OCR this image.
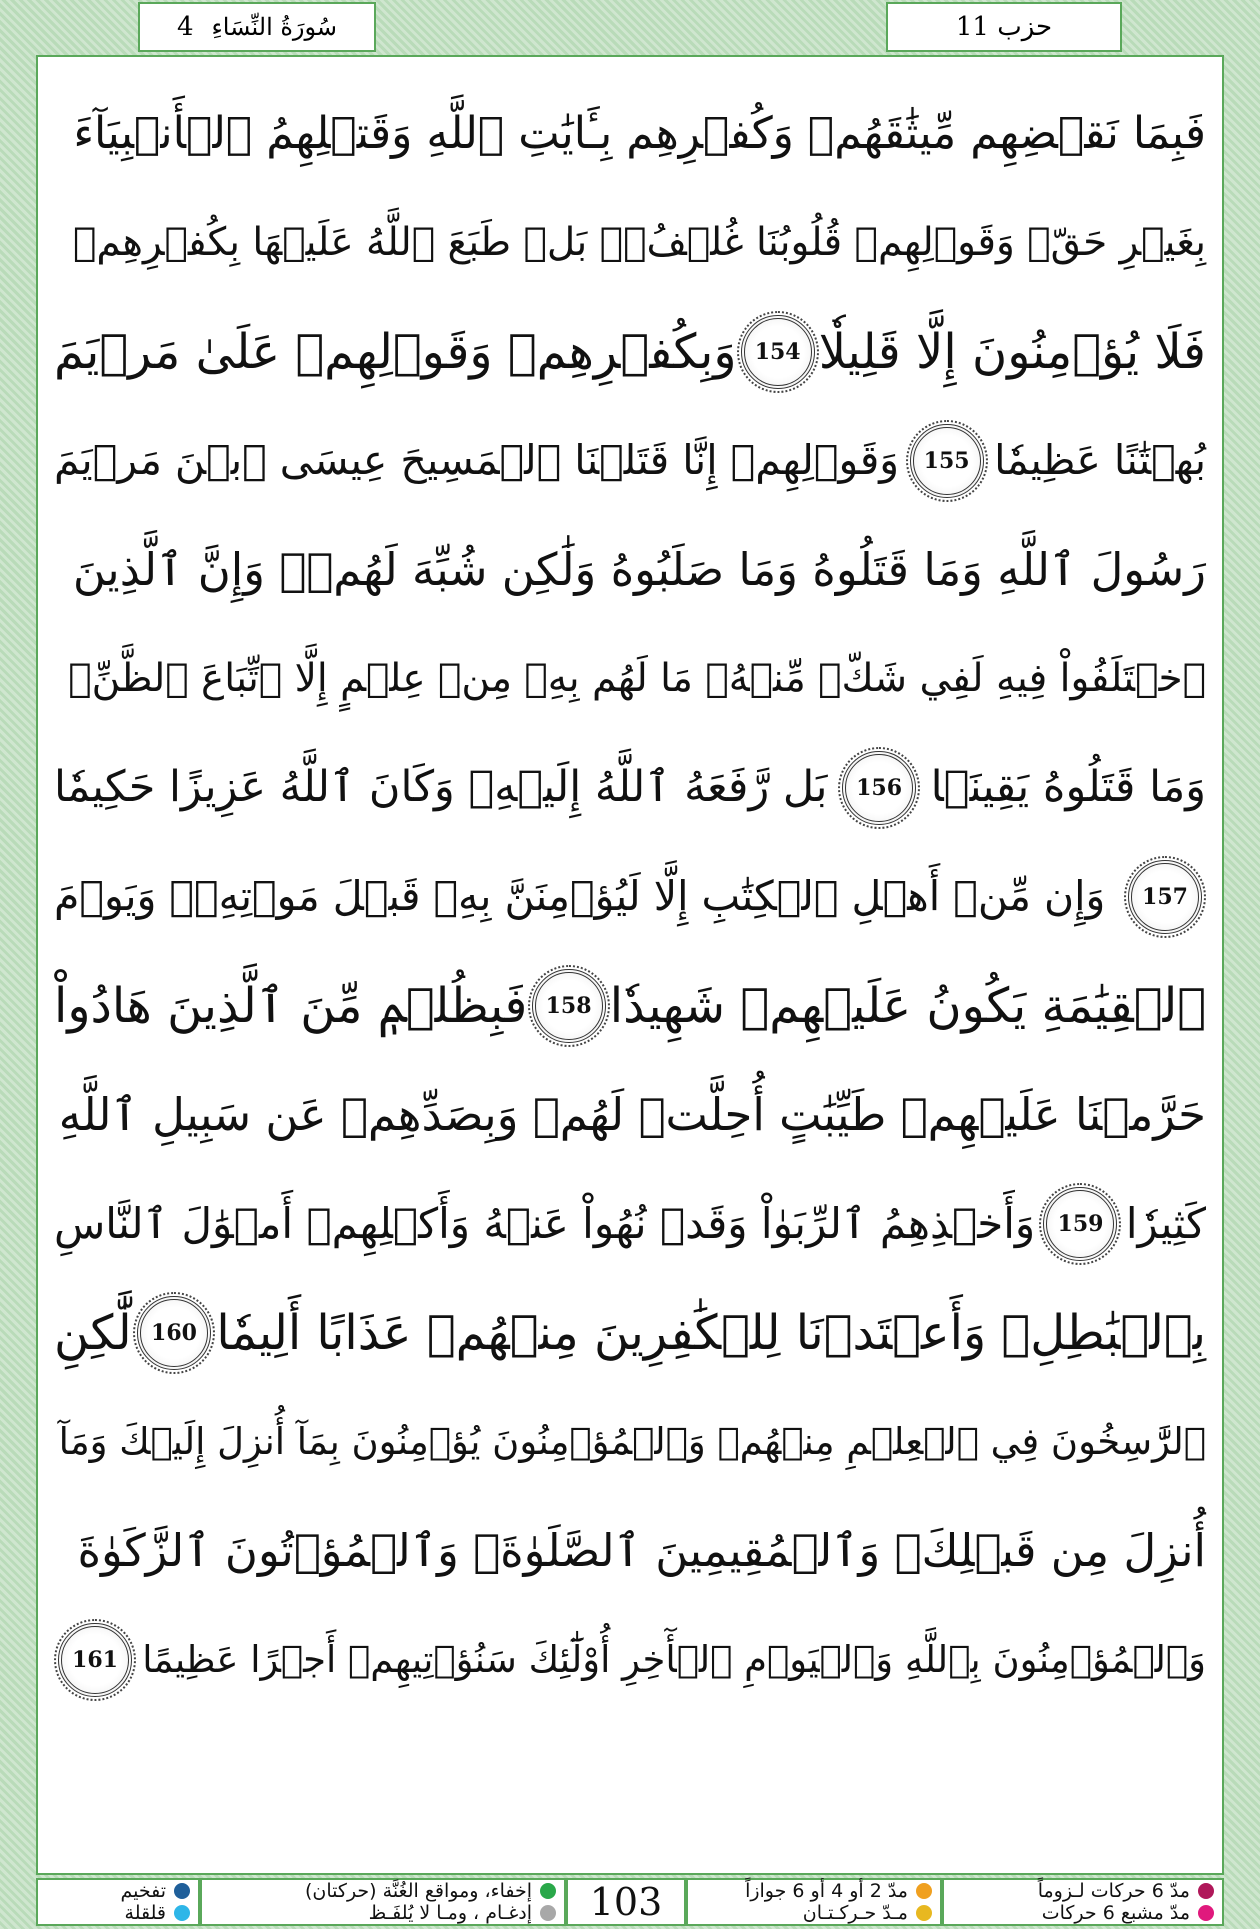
4 سُورَةُ النِّسَاءِ	حزب 11
فَبِمَا نَقۡضِهِم مِّيثَٰقَهُمۡ وَكُفۡرِهِم بِـَٔايَٰتِ ٱللَّهِ وَقَتۡلِهِمُ ٱلۡأَنۢبِيَآءَ
بِغَيۡرِ حَقّٖ وَقَوۡلِهِمۡ قُلُوبُنَا غُلۡفُۢۚ بَلۡ طَبَعَ ٱللَّهُ عَلَيۡهَا بِكُفۡرِهِمۡ
فَلَا يُؤۡمِنُونَ إِلَّا قَلِيلٗا
154
وَبِكُفۡرِهِمۡ وَقَوۡلِهِمۡ عَلَىٰ مَرۡيَمَ
بُهۡتَٰنًا عَظِيمٗا
155
وَقَوۡلِهِمۡ إِنَّا قَتَلۡنَا ٱلۡمَسِيحَ عِيسَى ٱبۡنَ مَرۡيَمَ
رَسُولَ ٱللَّهِ وَمَا قَتَلُوهُ وَمَا صَلَبُوهُ وَلَٰكِن شُبِّهَ لَهُمۡۚ وَإِنَّ ٱلَّذِينَ
ٱخۡتَلَفُواْ فِيهِ لَفِي شَكّٖ مِّنۡهُۚ مَا لَهُم بِهِۦ مِنۡ عِلۡمٍ إِلَّا ٱتِّبَاعَ ٱلظَّنِّۚ
وَمَا قَتَلُوهُ يَقِينَۢا
156
بَل رَّفَعَهُ ٱللَّهُ إِلَيۡهِۚ وَكَانَ ٱللَّهُ عَزِيزًا حَكِيمٗا
157
وَإِن مِّنۡ أَهۡلِ ٱلۡكِتَٰبِ إِلَّا لَيُؤۡمِنَنَّ بِهِۦ قَبۡلَ مَوۡتِهِۦۖ وَيَوۡمَ
ٱلۡقِيَٰمَةِ يَكُونُ عَلَيۡهِمۡ شَهِيدٗا
158
فَبِظُلۡمٖ مِّنَ ٱلَّذِينَ هَادُواْ
حَرَّمۡنَا عَلَيۡهِمۡ طَيِّبَٰتٍ أُحِلَّتۡ لَهُمۡ وَبِصَدِّهِمۡ عَن سَبِيلِ ٱللَّهِ
كَثِيرٗا
159
وَأَخۡذِهِمُ ٱلرِّبَوٰاْ وَقَدۡ نُهُواْ عَنۡهُ وَأَكۡلِهِمۡ أَمۡوَٰلَ ٱلنَّاسِ
بِٱلۡبَٰطِلِۚ وَأَعۡتَدۡنَا لِلۡكَٰفِرِينَ مِنۡهُمۡ عَذَابًا أَلِيمٗا
160
لَّٰكِنِ
ٱلرَّٰسِخُونَ فِي ٱلۡعِلۡمِ مِنۡهُمۡ وَٱلۡمُؤۡمِنُونَ يُؤۡمِنُونَ بِمَآ أُنزِلَ إِلَيۡكَ وَمَآ
أُنزِلَ مِن قَبۡلِكَۚ وَٱلۡمُقِيمِينَ ٱلصَّلَوٰةَۚ وَٱلۡمُؤۡتُونَ ٱلزَّكَوٰةَ
وَٱلۡمُؤۡمِنُونَ بِٱللَّهِ وَٱلۡيَوۡمِ ٱلۡأٓخِرِ أُوْلَٰٓئِكَ سَنُؤۡتِيهِمۡ أَجۡرًا عَظِيمًا
161
مدّ 6 حركات لـزوماً
مدّ مشبع 6 حركات
مدّ 2 أو 4 أو 6 جوازاً
مـدّ حـركـتـان
103
إخفاء، ومواقع الغُنَّة (حركتان)
إدغـام ، ومـا لا يُلفَـظ
تفخيم
قلقلة
